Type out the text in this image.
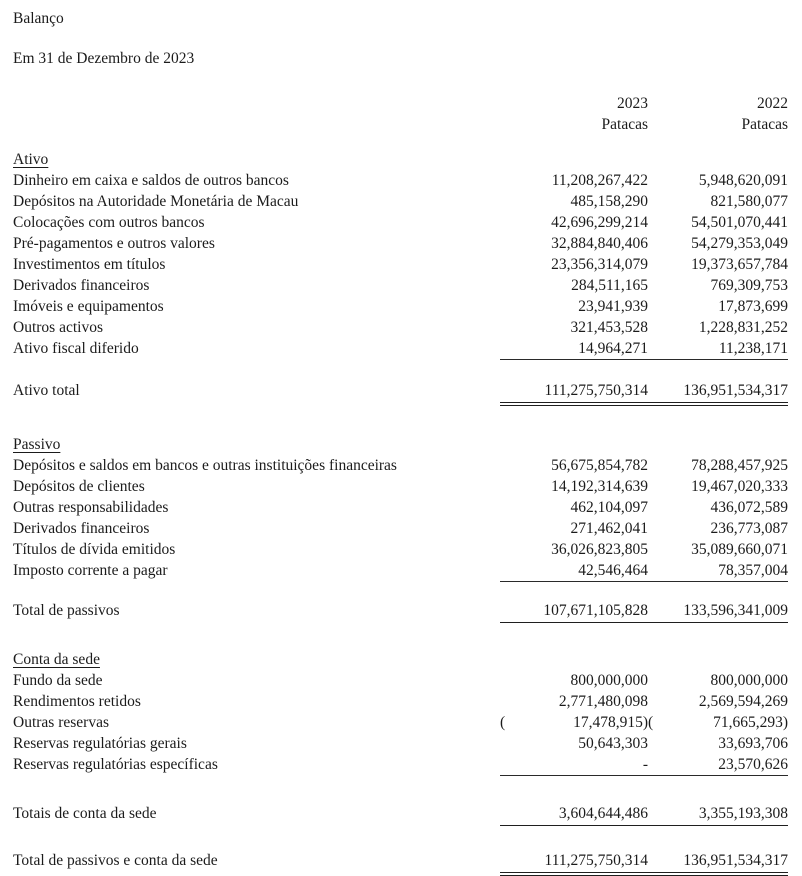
Balanço
Em 31 de Dezembro de 2023
2023
Patacas
2022
Patacas
Ativo
Dinheiro em caixa e saldos de outros bancos	11,208,267,422	5,948,620,091
Depósitos na Autoridade Monetária de Macau	485,158,290	821,580,077
Colocações com outros bancos	42,696,299,214	54,501,070,441
Pré-pagamentos e outros valores	32,884,840,406	54,279,353,049
Investimentos em títulos	23,356,314,079	19,373,657,784
Derivados financeiros	284,511,165	769,309,753
Imóveis e equipamentos	23,941,939	17,873,699
Outros activos	321,453,528	1,228,831,252
Ativo fiscal diferido	14,964,271	11,238,171
Ativo total	111,275,750,314	136,951,534,317
Passivo
Depósitos e saldos em bancos e outras instituições financeiras	56,675,854,782	78,288,457,925
Depósitos de clientes	14,192,314,639	19,467,020,333
Outras responsabilidades	462,104,097	436,072,589
Derivados financeiros	271,462,041	236,773,087
Títulos de dívida emitidos	36,026,823,805	35,089,660,071
Imposto corrente a pagar	42,546,464	78,357,004
Total de passivos	107,671,105,828	133,596,341,009
Conta da sede
Fundo da sede	800,000,000	800,000,000
Rendimentos retidos	2,771,480,098	2,569,594,269
Outras reservas	(	17,478,915) (	71,665,293)
Reservas regulatórias gerais	50,643,303	33,693,706
Reservas regulatórias específicas	-	23,570,626
Totais de conta da sede	3,604,644,486	3,355,193,308
Total de passivos e conta da sede	111,275,750,314	136,951,534,317
